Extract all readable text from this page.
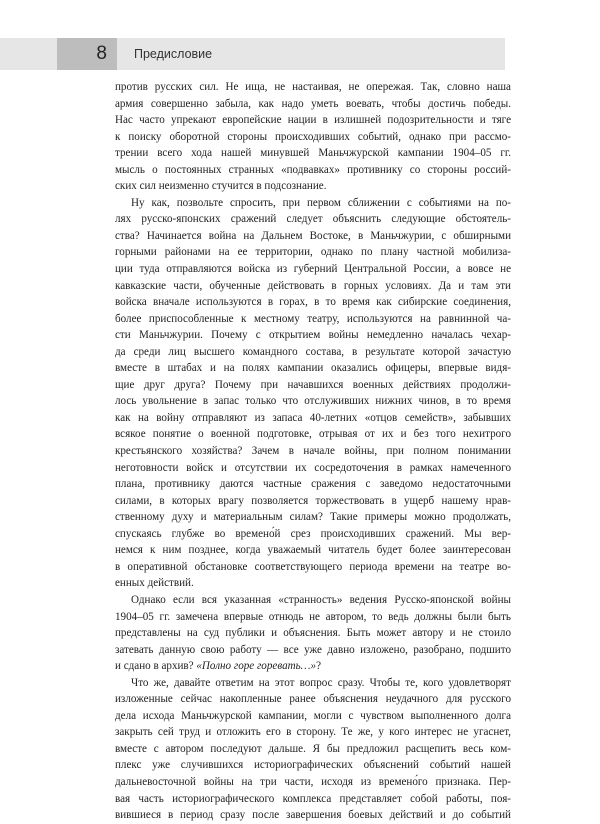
8	Предисловие
против русских сил. Не ища, не настаивая, не опережая. Так, словно наша
армия совершенно забыла, как надо уметь воевать, чтобы достичь победы.
Нас часто упрекают европейские нации в излишней подозрительности и тяге
к поиску оборотной стороны происходивших событий, однако при рассмо-
трении всего хода нашей минувшей Маньчжурской кампании 1904–05 гг.
мысль о постоянных странных «подвавках» противнику со стороны россий-
ских сил неизменно стучится в подсознание.
Ну как, позвольте спросить, при первом сближении с событиями на по-
лях русско-японских сражений следует объяснить следующие обстоятель-
ства? Начинается война на Дальнем Востоке, в Маньчжурии, с обширными
горными районами на ее территории, однако по плану частной мобилиза-
ции туда отправляются войска из губерний Центральной России, а вовсе не
кавказские части, обученные действовать в горных условиях. Да и там эти
войска вначале используются в горах, в то время как сибирские соединения,
более приспособленные к местному театру, используются на равнинной ча-
сти Маньчжурии. Почему с открытием войны немедленно началась чехар-
да среди лиц высшего командного состава, в результате которой зачастую
вместе в штабах и на полях кампании оказались офицеры, впервые видя-
щие друг друга? Почему при начавшихся военных действиях продолжи-
лось увольнение в запас только что отслуживших нижних чинов, в то время
как на войну отправляют из запаса 40-летних «отцов семейств», забывших
всякое понятие о военной подготовке, отрывая от их и без того нехитрого
крестьянского хозяйства? Зачем в начале войны, при полном понимании
неготовности войск и отсутствии их сосредоточения в рамках намеченного
плана, противнику даются частные сражения с заведомо недостаточными
силами, в которых врагу позволяется торжествовать в ущерб нашему нрав-
ственному духу и материальным силам? Такие примеры можно продолжать,
спускаясь глубже во времено́й срез происходивших сражений. Мы вер-
немся к ним позднее, когда уважаемый читатель будет более заинтересован
в оперативной обстановке соответствующего периода времени на театре во-
енных действий.
Однако если вся указанная «странность» ведения Русско-японской войны
1904–05 гг. замечена впервые отнюдь не автором, то ведь должны были быть
представлены на суд публики и объяснения. Быть может автору и не стоило
затевать данную свою работу — все уже давно изложено, разобрано, подшито
и сдано в архив? «Полно горе горевать…»?
Что же, давайте ответим на этот вопрос сразу. Чтобы те, кого удовлетворят
изложенные сейчас накопленные ранее объяснения неудачного для русского
дела исхода Маньчжурской кампании, могли с чувством выполненного долга
закрыть сей труд и отложить его в сторону. Те же, у кого интерес не угаснет,
вместе с автором последуют дальше. Я бы предложил расщепить весь ком-
плекс уже случившихся историографических объяснений событий нашей
дальневосточной войны на три части, исходя из времено́го признака. Пер-
вая часть историографического комплекса представляет собой работы, поя-
вившиеся в период сразу после завершения боевых действий и до событий
